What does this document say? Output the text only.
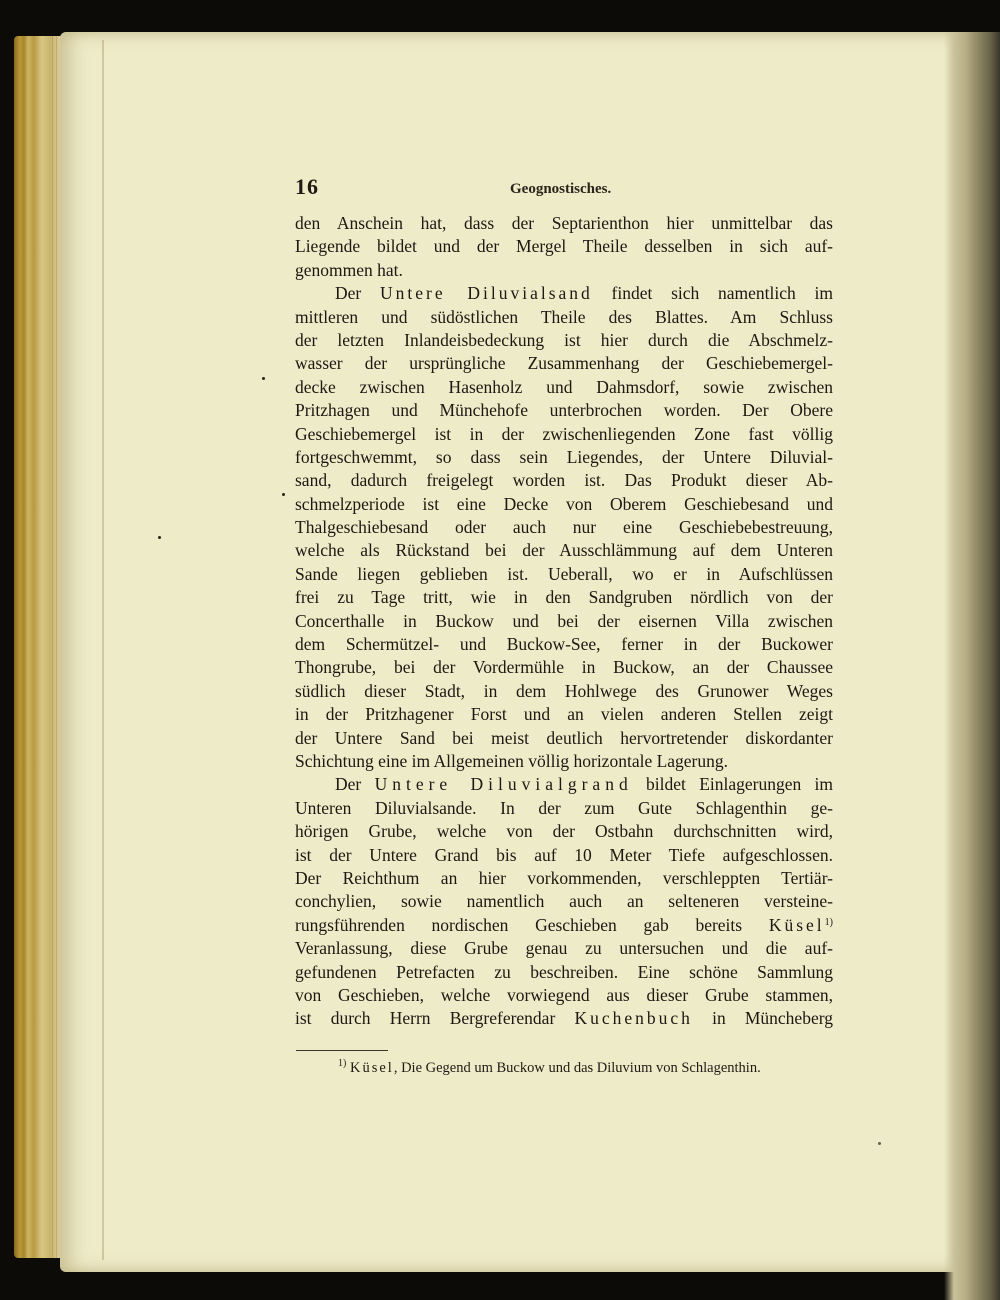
16	Geognostisches.
den Anschein hat, dass der Septarienthon hier unmittelbar das
Liegende bildet und der Mergel Theile desselben in sich auf-
genommen hat.
Der Untere Diluvialsand findet sich namentlich im
mittleren und südöstlichen Theile des Blattes. Am Schluss
der letzten Inlandeisbedeckung ist hier durch die Abschmelz-
wasser der ursprüngliche Zusammenhang der Geschiebemergel-
decke zwischen Hasenholz und Dahmsdorf, sowie zwischen
Pritzhagen und Münchehofe unterbrochen worden. Der Obere
Geschiebemergel ist in der zwischenliegenden Zone fast völlig
fortgeschwemmt, so dass sein Liegendes, der Untere Diluvial-
sand, dadurch freigelegt worden ist. Das Produkt dieser Ab-
schmelzperiode ist eine Decke von Oberem Geschiebesand und
Thalgeschiebesand oder auch nur eine Geschiebebestreuung,
welche als Rückstand bei der Ausschlämmung auf dem Unteren
Sande liegen geblieben ist. Ueberall, wo er in Aufschlüssen
frei zu Tage tritt, wie in den Sandgruben nördlich von der
Concerthalle in Buckow und bei der eisernen Villa zwischen
dem Schermützel- und Buckow-See, ferner in der Buckower
Thongrube, bei der Vordermühle in Buckow, an der Chaussee
südlich dieser Stadt, in dem Hohlwege des Grunower Weges
in der Pritzhagener Forst und an vielen anderen Stellen zeigt
der Untere Sand bei meist deutlich hervortretender diskordanter
Schichtung eine im Allgemeinen völlig horizontale Lagerung.
Der Untere Diluvialgrand bildet Einlagerungen im
Unteren Diluvialsande. In der zum Gute Schlagenthin ge-
hörigen Grube, welche von der Ostbahn durchschnitten wird,
ist der Untere Grand bis auf 10 Meter Tiefe aufgeschlossen.
Der Reichthum an hier vorkommenden, verschleppten Tertiär-
conchylien, sowie namentlich auch an selteneren versteine-
rungsführenden nordischen Geschieben gab bereits Küsel$^{1)}$
Veranlassung, diese Grube genau zu untersuchen und die auf-
gefundenen Petrefacten zu beschreiben. Eine schöne Sammlung
von Geschieben, welche vorwiegend aus dieser Grube stammen,
ist durch Herrn Bergreferendar Kuchenbuch in Müncheberg
$^{1)}$ Küsel, Die Gegend um Buckow und das Diluvium von Schlagenthin.
